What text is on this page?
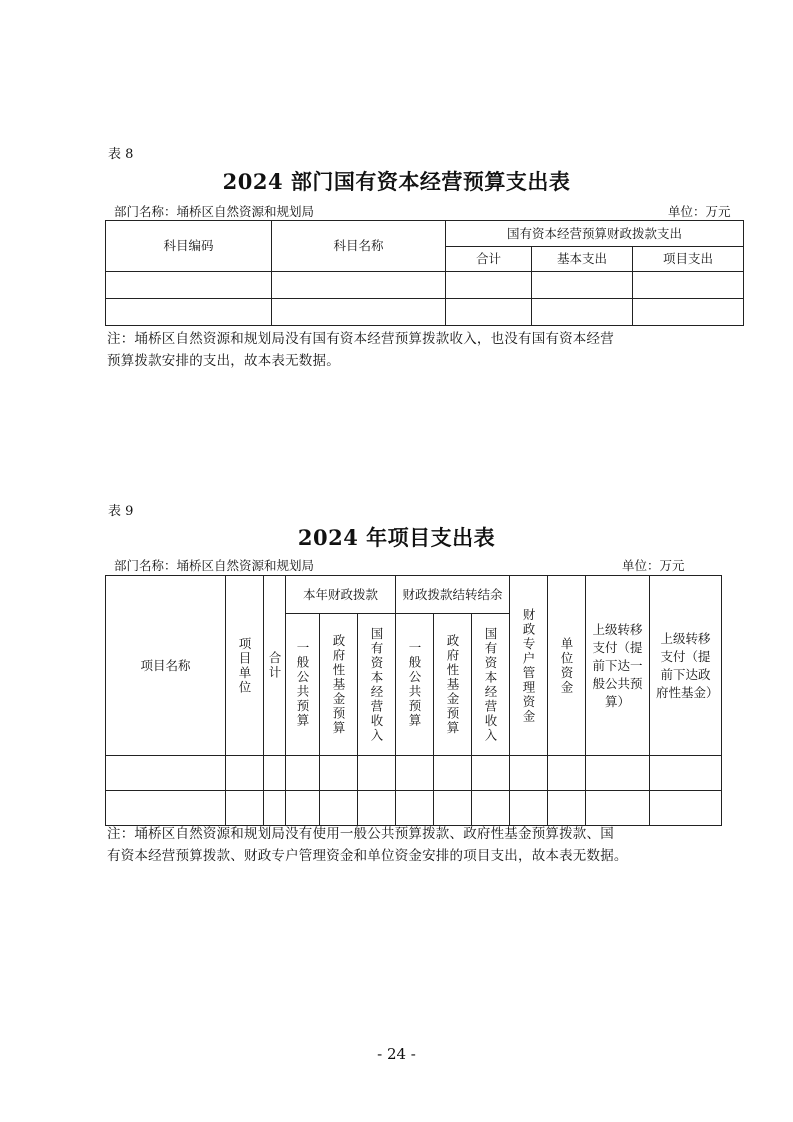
表 8
2024 部门国有资本经营预算支出表
部门名称：埇桥区自然资源和规划局	单位：万元
科目编码	科目名称	国有资本经营预算财政拨款支出		
		合计	基本支出	项目支出

注：埇桥区自然资源和规划局没有国有资本经营预算拨款收入，也没有国有资本经营
预算拨款安排的支出，故本表无数据。
表 9
2024 年项目支出表
部门名称：埇桥区自然资源和规划局	单位：万元
项目名称	项目单位	合计	本年财政拨款			财政拨款结转结余			财政专户管理资金	单位资金	上级转移支付（提前下达一般公共预算）	上级转移支付（提前下达政府性基金）

			一般公共预算	政府性基金预算	国有资本经营收入	一般公共预算	政府性基金预算	国有资本经营收入				

注：埇桥区自然资源和规划局没有使用一般公共预算拨款、政府性基金预算拨款、国
有资本经营预算拨款、财政专户管理资金和单位资金安排的项目支出，故本表无数据。
- 24 -
